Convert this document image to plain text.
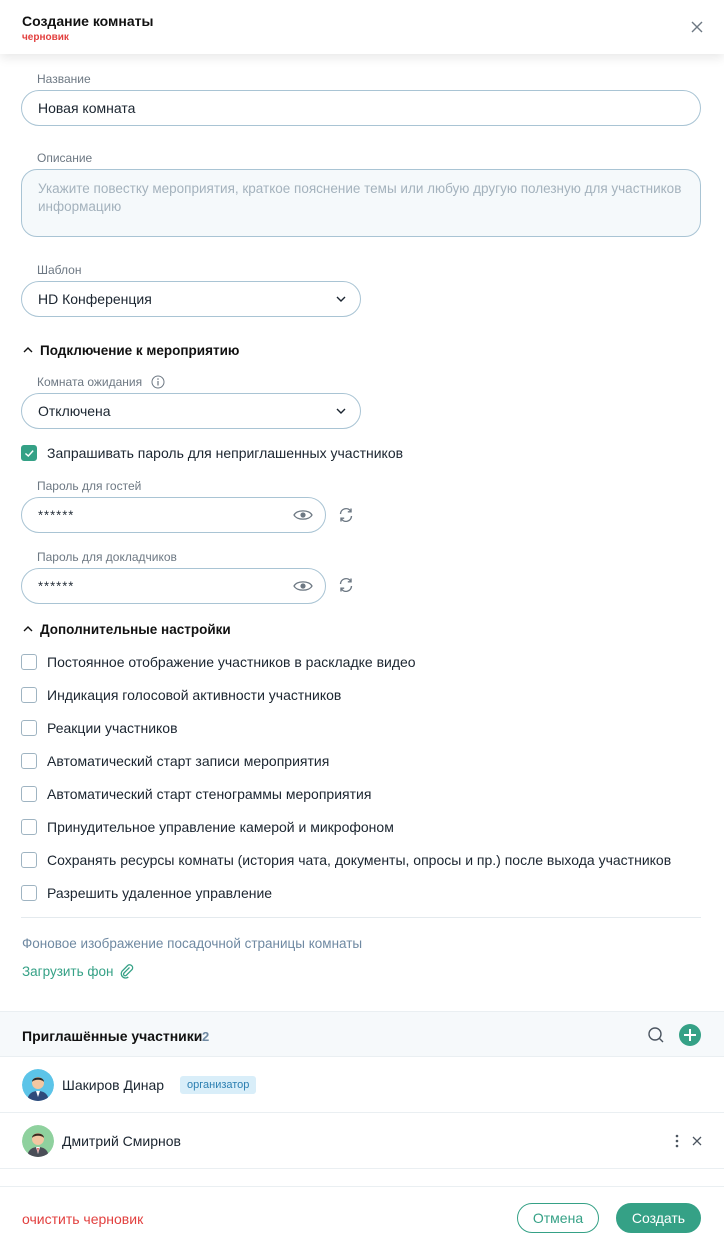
Создание комнаты
черновик
Название
Новая комната
Описание
Укажите повестку мероприятия, краткое пояснение темы или любую другую полезную для участников информацию
Шаблон
HD Конференция
Подключение к мероприятию
Комната ожидания
Отключена
Запрашивать пароль для неприглашенных участников
Пароль для гостей
******
Пароль для докладчиков
******
Дополнительные настройки
Постоянное отображение участников в раскладке видео
Индикация голосовой активности участников
Реакции участников
Автоматический старт записи мероприятия
Автоматический старт стенограммы мероприятия
Принудительное управление камерой и микрофоном
Сохранять ресурсы комнаты (история чата, документы, опросы и пр.) после выхода участников
Разрешить удаленное управление
Фоновое изображение посадочной страницы комнаты
Загрузить фон
Приглашённые участники 2
Шакиров Динар	организатор
Дмитрий Смирнов
очистить черновик	Отмена	Создать
